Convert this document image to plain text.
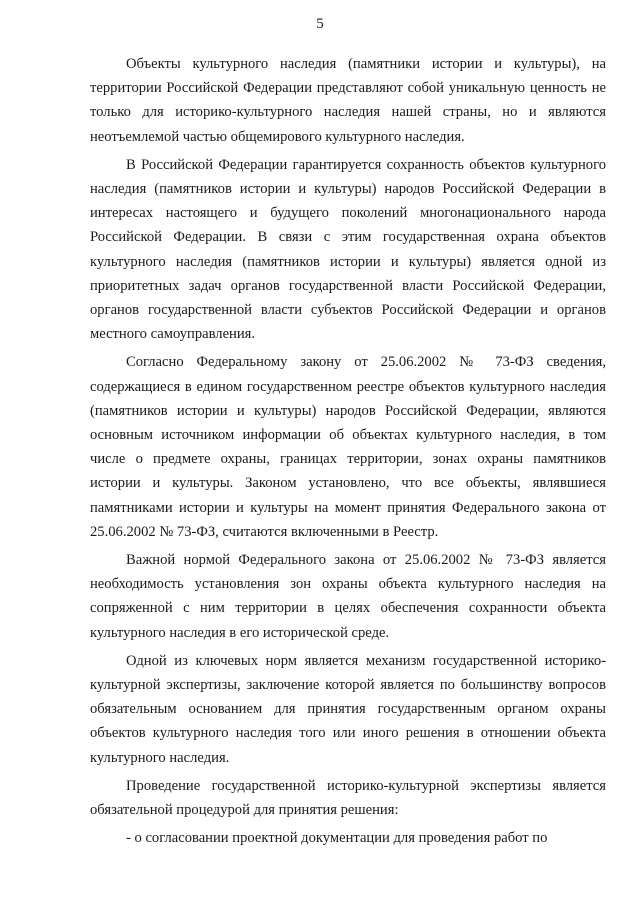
5

Объекты культурного наследия (памятники истории и культуры), на территории Российской Федерации представляют собой уникальную ценность не только для историко-культурного наследия нашей страны, но и являются неотъемлемой частью общемирового культурного наследия.

В Российской Федерации гарантируется сохранность объектов культурного наследия (памятников истории и культуры) народов Российской Федерации в интересах настоящего и будущего поколений многонационального народа Российской Федерации. В связи с этим государственная охрана объектов культурного наследия (памятников истории и культуры) является одной из приоритетных задач органов государственной власти Российской Федерации, органов государственной власти субъектов Российской Федерации и органов местного самоуправления.

Согласно Федеральному закону от 25.06.2002 № 73-ФЗ сведения, содержащиеся в едином государственном реестре объектов культурного наследия (памятников истории и культуры) народов Российской Федерации, являются основным источником информации об объектах культурного наследия, в том числе о предмете охраны, границах территории, зонах охраны памятников истории и культуры. Законом установлено, что все объекты, являвшиеся памятниками истории и культуры на момент принятия Федерального закона от 25.06.2002 № 73-ФЗ, считаются включенными в Реестр.

Важной нормой Федерального закона от 25.06.2002 № 73-ФЗ является необходимость установления зон охраны объекта культурного наследия на сопряженной с ним территории в целях обеспечения сохранности объекта культурного наследия в его исторической среде.

Одной из ключевых норм является механизм государственной историко-культурной экспертизы, заключение которой является по большинству вопросов обязательным основанием для принятия государственным органом охраны объектов культурного наследия того или иного решения в отношении объекта культурного наследия.

Проведение государственной историко-культурной экспертизы является обязательной процедурой для принятия решения:

- о согласовании проектной документации для проведения работ по
